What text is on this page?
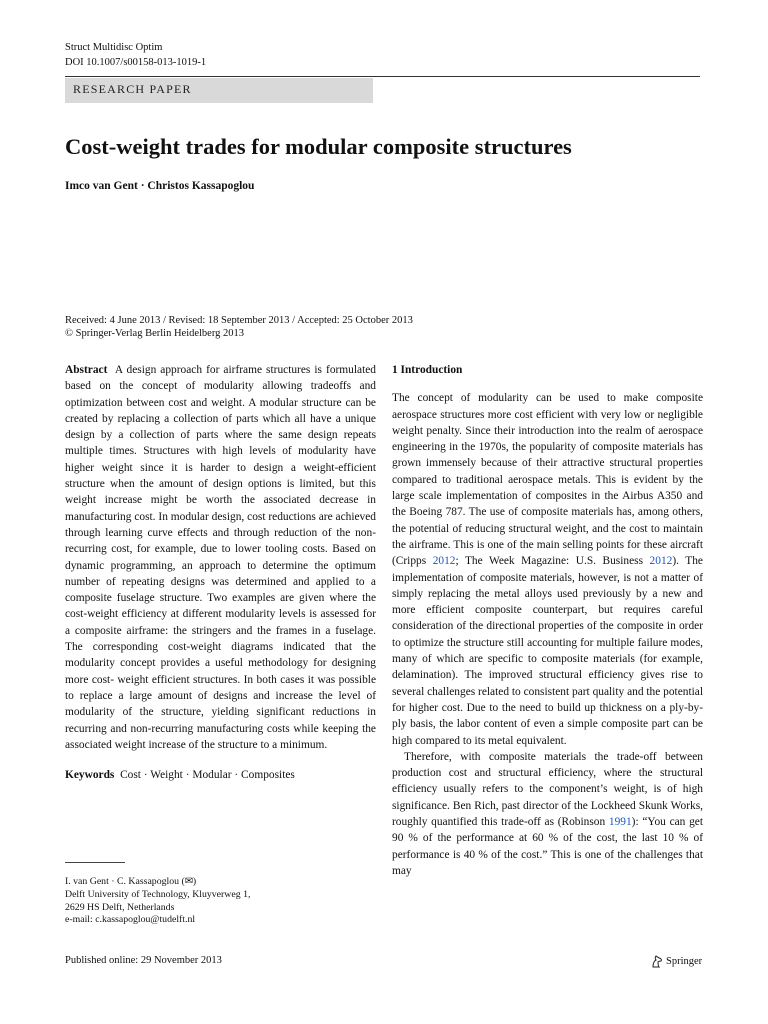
Struct Multidisc Optim
DOI 10.1007/s00158-013-1019-1
RESEARCH PAPER
Cost-weight trades for modular composite structures
Imco van Gent · Christos Kassapoglou
Received: 4 June 2013 / Revised: 18 September 2013 / Accepted: 25 October 2013
© Springer-Verlag Berlin Heidelberg 2013

Abstract A design approach for airframe structures is formulated based on the concept of modularity allowing tradeoffs and optimization between cost and weight. A modular structure can be created by replacing a collection of parts which all have a unique design by a collection of parts where the same design repeats multiple times. Structures with high levels of modularity have higher weight since it is harder to design a weight-efficient structure when the amount of design options is limited, but this weight increase might be worth the associated decrease in manufacturing cost. In modular design, cost reductions are achieved through learning curve effects and through reduction of the non-recurring cost, for example, due to lower tooling costs. Based on dynamic programming, an approach to determine the optimum number of repeating designs was determined and applied to a composite fuselage structure. Two examples are given where the cost-weight efficiency at different modularity levels is assessed for a composite airframe: the stringers and the frames in a fuselage. The corresponding cost-weight diagrams indicated that the modularity concept provides a useful methodology for designing more cost- weight efficient structures. In both cases it was possible to replace a large amount of designs and increase the level of modularity of the structure, yielding significant reductions in recurring and non-recurring manufacturing costs while keeping the associated weight increase of the structure to a minimum.

Keywords Cost · Weight · Modular · Composites

1 Introduction

The concept of modularity can be used to make composite aerospace structures more cost efficient with very low or negligible weight penalty. Since their introduction into the realm of aerospace engineering in the 1970s, the popularity of composite materials has grown immensely because of their attractive structural properties compared to traditional aerospace metals. This is evident by the large scale implementation of composites in the Airbus A350 and the Boeing 787. The use of composite materials has, among others, the potential of reducing structural weight, and the cost to maintain the airframe. This is one of the main selling points for these aircraft (Cripps 2012; The Week Magazine: U.S. Business 2012). The implementation of composite materials, however, is not a matter of simply replacing the metal alloys used previously by a new and more efficient composite counterpart, but requires careful consideration of the directional properties of the composite in order to optimize the structure still accounting for multiple failure modes, many of which are specific to composite materials (for example, delamination). The improved structural efficiency gives rise to several challenges related to consistent part quality and the potential for higher cost. Due to the need to build up thickness on a ply-by-ply basis, the labor content of even a simple composite part can be high compared to its metal equivalent.

Therefore, with composite materials the trade-off between production cost and structural efficiency, where the structural efficiency usually refers to the component’s weight, is of high significance. Ben Rich, past director of the Lockheed Skunk Works, roughly quantified this trade-off as (Robinson 1991): “You can get 90 % of the performance at 60 % of the cost, the last 10 % of performance is 40 % of the cost.” This is one of the challenges that may

I. van Gent · C. Kassapoglou (✉)
Delft University of Technology, Kluyverweg 1,
2629 HS Delft, Netherlands
e-mail: c.kassapoglou@tudelft.nl
Published online: 29 November 2013	Springer
